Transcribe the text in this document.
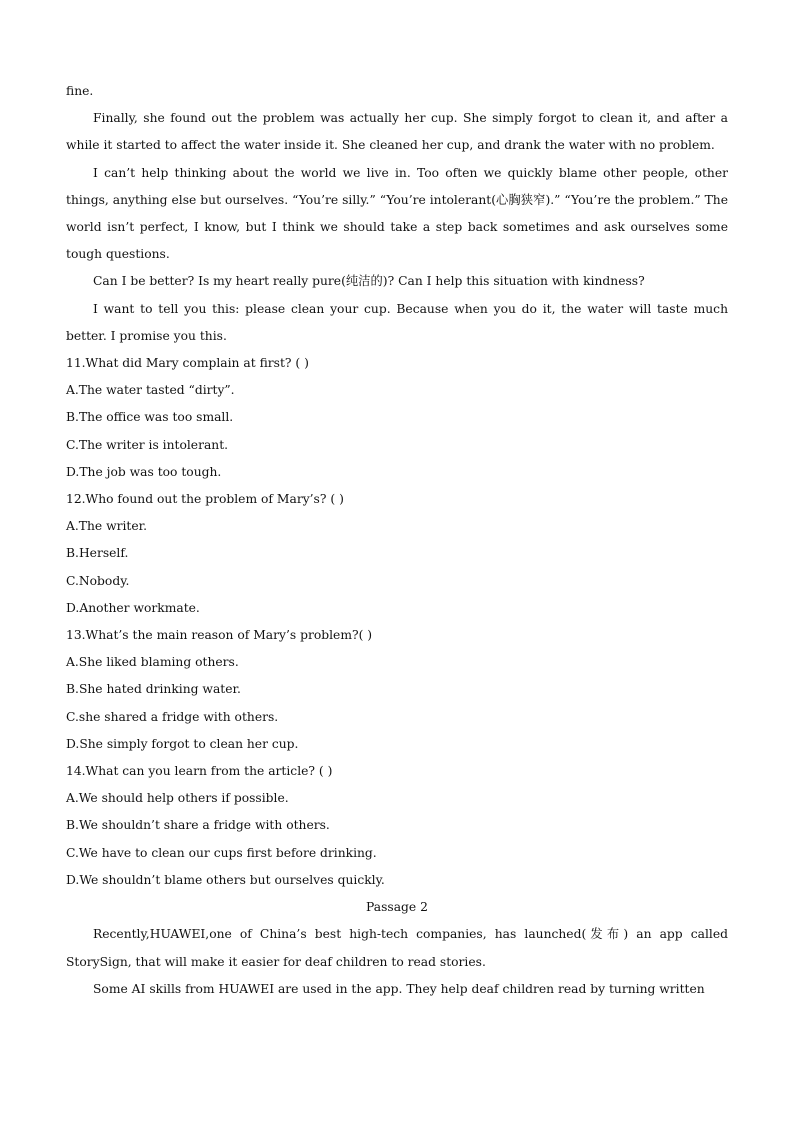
fine.

Finally, she found out the problem was actually her cup. She simply forgot to clean it, and after a while it started to affect the water inside it. She cleaned her cup, and drank the water with no problem.

I can’t help thinking about the world we live in. Too often we quickly blame other people, other things, anything else but ourselves. “You’re silly.” “You’re intolerant(心胸狭窄).” “You’re the problem.” The world isn’t perfect, I know, but I think we should take a step back sometimes and ask ourselves some tough questions.

Can I be better? Is my heart really pure(纯洁的)? Can I help this situation with kindness?

I want to tell you this: please clean your cup. Because when you do it, the water will taste much better. I promise you this.

11.What did Mary complain at first? ( )

A.The water tasted “dirty”.

B.The office was too small.

C.The writer is intolerant.

D.The job was too tough.

12.Who found out the problem of Mary’s? ( )

A.The writer.

B.Herself.

C.Nobody.

D.Another workmate.

13.What’s the main reason of Mary’s problem?( )

A.She liked blaming others.

B.She hated drinking water.

C.she shared a fridge with others.

D.She simply forgot to clean her cup.

14.What can you learn from the article? ( )

A.We should help others if possible.

B.We shouldn’t share a fridge with others.

C.We have to clean our cups first before drinking.

D.We shouldn’t blame others but ourselves quickly.

Passage 2

Recently,HUAWEI,one of China’s best high-tech companies, has launched(发布) an app called StorySign, that will make it easier for deaf children to read stories.

Some AI skills from HUAWEI are used in the app. They help deaf children read by turning written
